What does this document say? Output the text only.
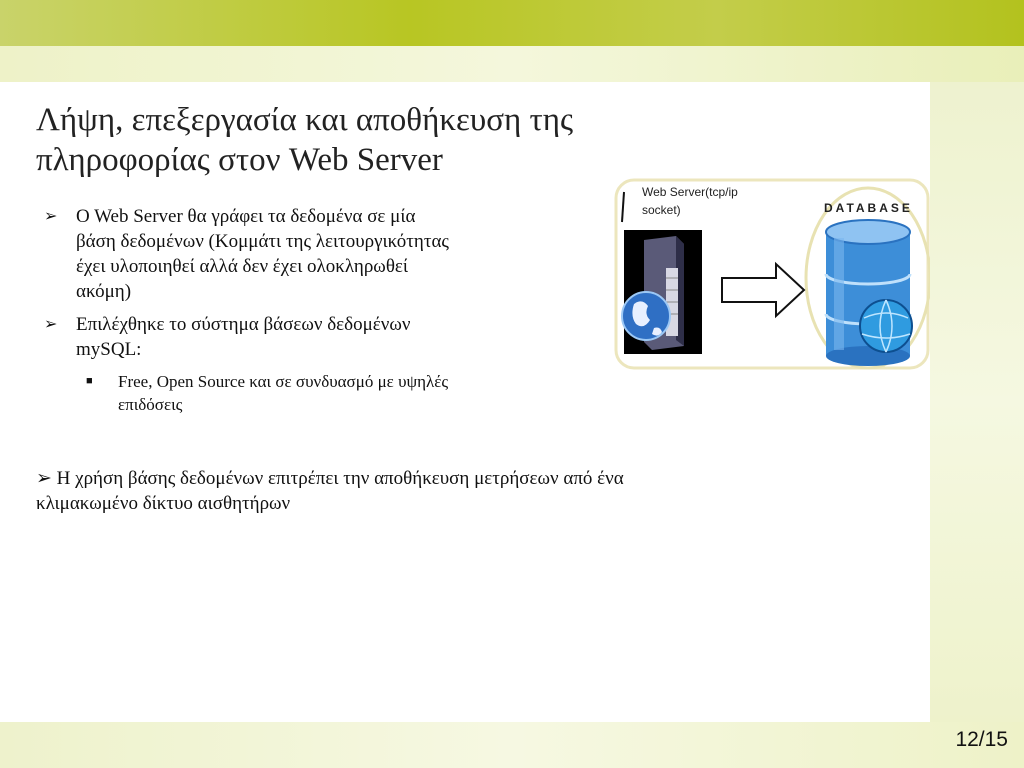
Λήψη, επεξεργασία και αποθήκευση της
πληροφορίας στον Web Server
➢ O Web Server θα γράφει τα δεδομένα σε μία
βάση δεδομένων (Κομμάτι της λειτουργικότητας
έχει υλοποιηθεί αλλά δεν έχει ολοκληρωθεί
ακόμη)
➢ Επιλέχθηκε το σύστημα βάσεων δεδομένων
mySQL:
■ Free, Open Source και σε συνδυασμό με υψηλές
επιδόσεις
➢ Η χρήση βάσης δεδομένων επιτρέπει την αποθήκευση μετρήσεων από ένα
κλιμακωμένο δίκτυο αισθητήρων
Web Server(tcp/ip
socket)	DATABASE
12/15
